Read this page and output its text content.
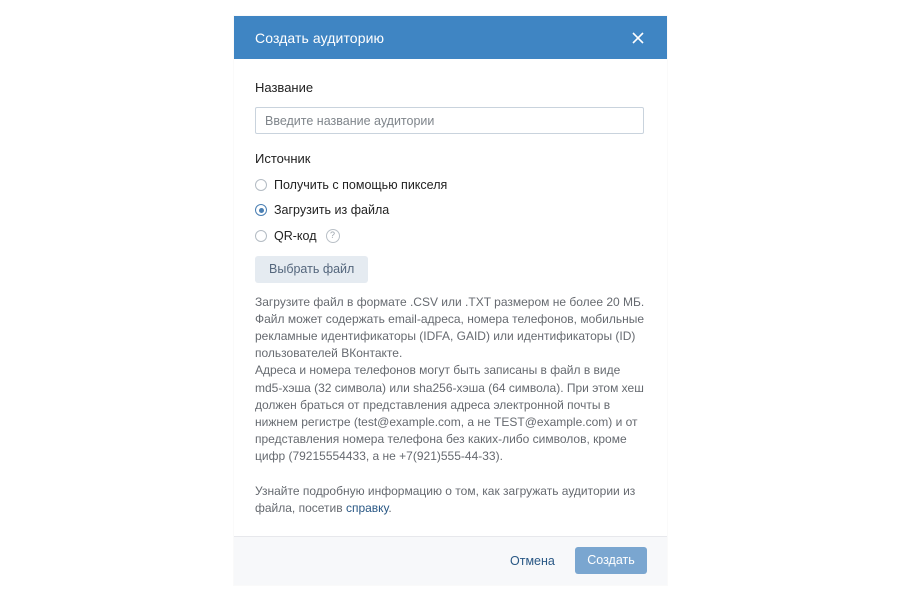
Создать аудиторию
Название
Введите название аудитории
Источник
Получить с помощью пикселя
Загрузить из файла
QR-код	?
Выбрать файл

Загрузите файл в формате .CSV или .TXT размером не более 20 МБ. Файл может содержать email-адреса, номера телефонов, мобильные рекламные идентификаторы (IDFA, GAID) или идентификаторы (ID) пользователей ВКонтакте.

Адреса и номера телефонов могут быть записаны в файл в виде md5-хэша (32 символа) или sha256-хэша (64 символа). При этом хеш должен браться от представления адреса электронной почты в нижнем регистре (test@example.com, а не TEST@example.com) и от представления номера телефона без каких-либо символов, кроме цифр (79215554433, а не +7(921)555-44-33).

Узнайте подробную информацию о том, как загружать аудитории из файла, посетив справку.

Отмена	Создать
